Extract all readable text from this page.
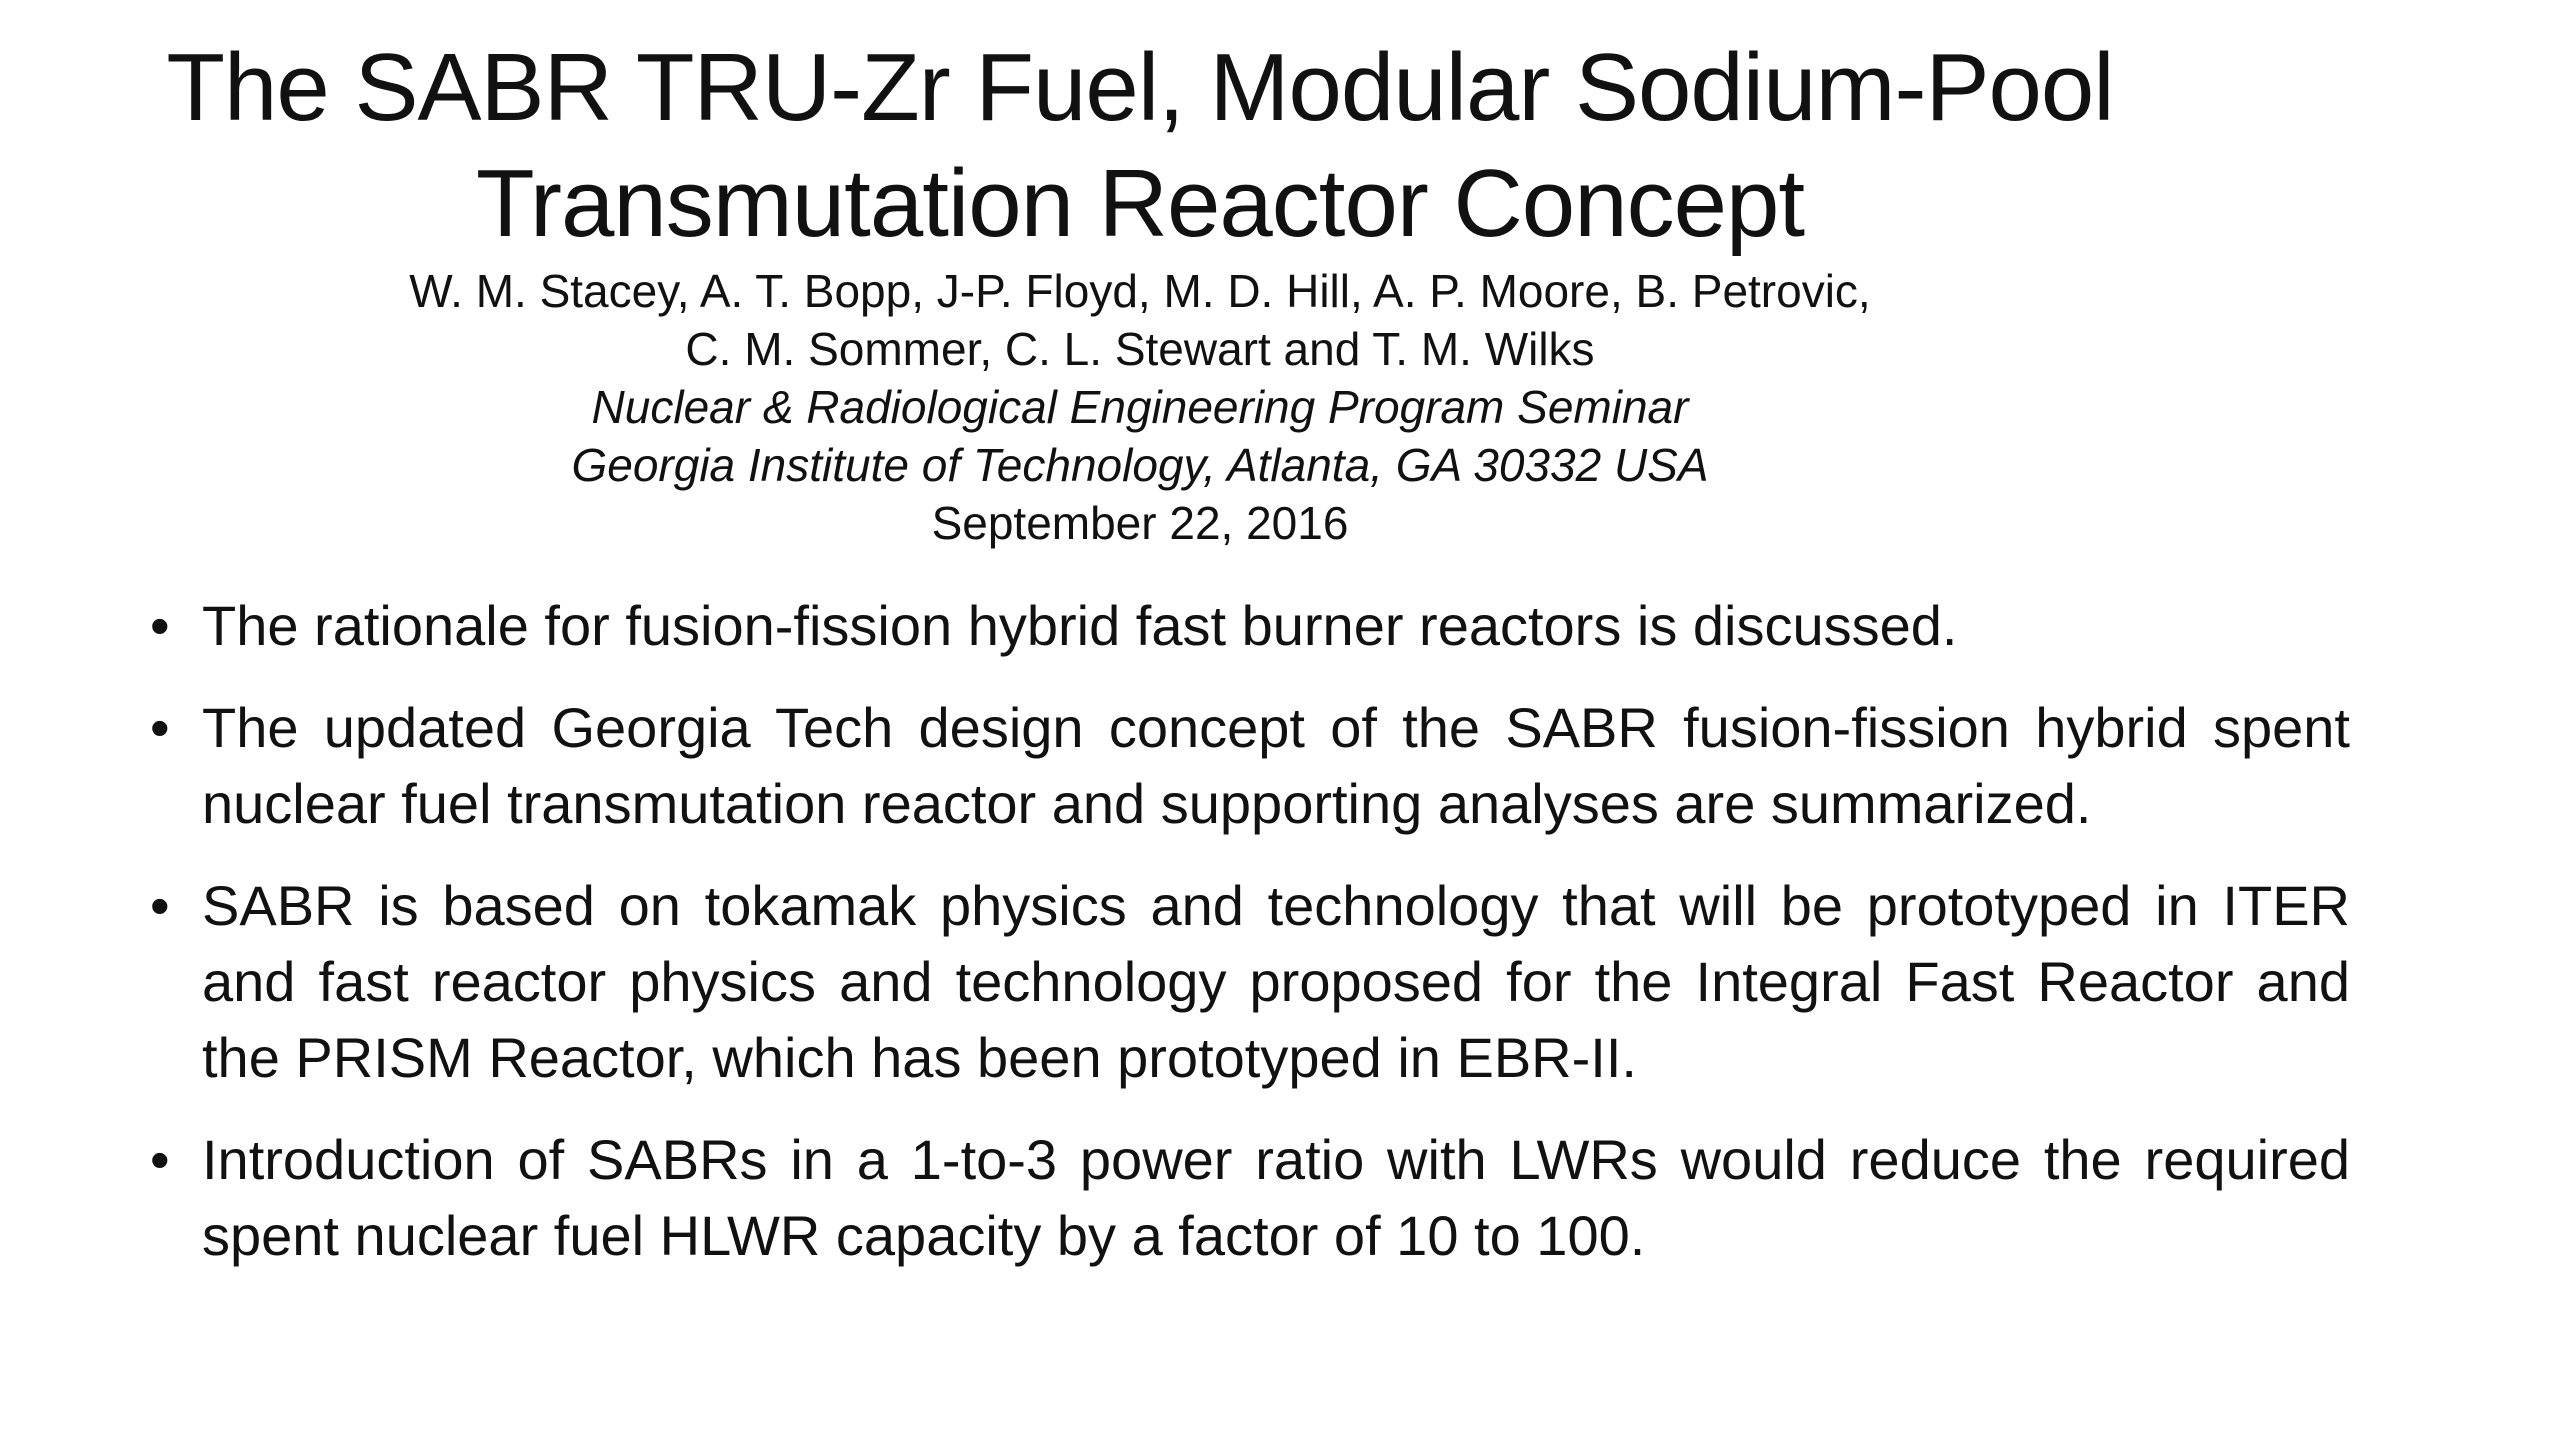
The SABR TRU-Zr Fuel, Modular Sodium-Pool
Transmutation Reactor Concept
W. M. Stacey, A. T. Bopp, J-P. Floyd, M. D. Hill, A. P. Moore, B. Petrovic,
C. M. Sommer, C. L. Stewart and T. M. Wilks
Nuclear & Radiological Engineering Program Seminar
Georgia Institute of Technology, Atlanta, GA 30332 USA
September 22, 2016
• The rationale for fusion-fission hybrid fast burner reactors is discussed.
• The updated Georgia Tech design concept of the SABR fusion-fission hybrid spent nuclear fuel transmutation reactor and supporting analyses are summarized.
• SABR is based on tokamak physics and technology that will be prototyped in ITER and fast reactor physics and technology proposed for the Integral Fast Reactor and the PRISM Reactor, which has been prototyped in EBR-II.
• Introduction of SABRs in a 1-to-3 power ratio with LWRs would reduce the required spent nuclear fuel HLWR capacity by a factor of 10 to 100.
